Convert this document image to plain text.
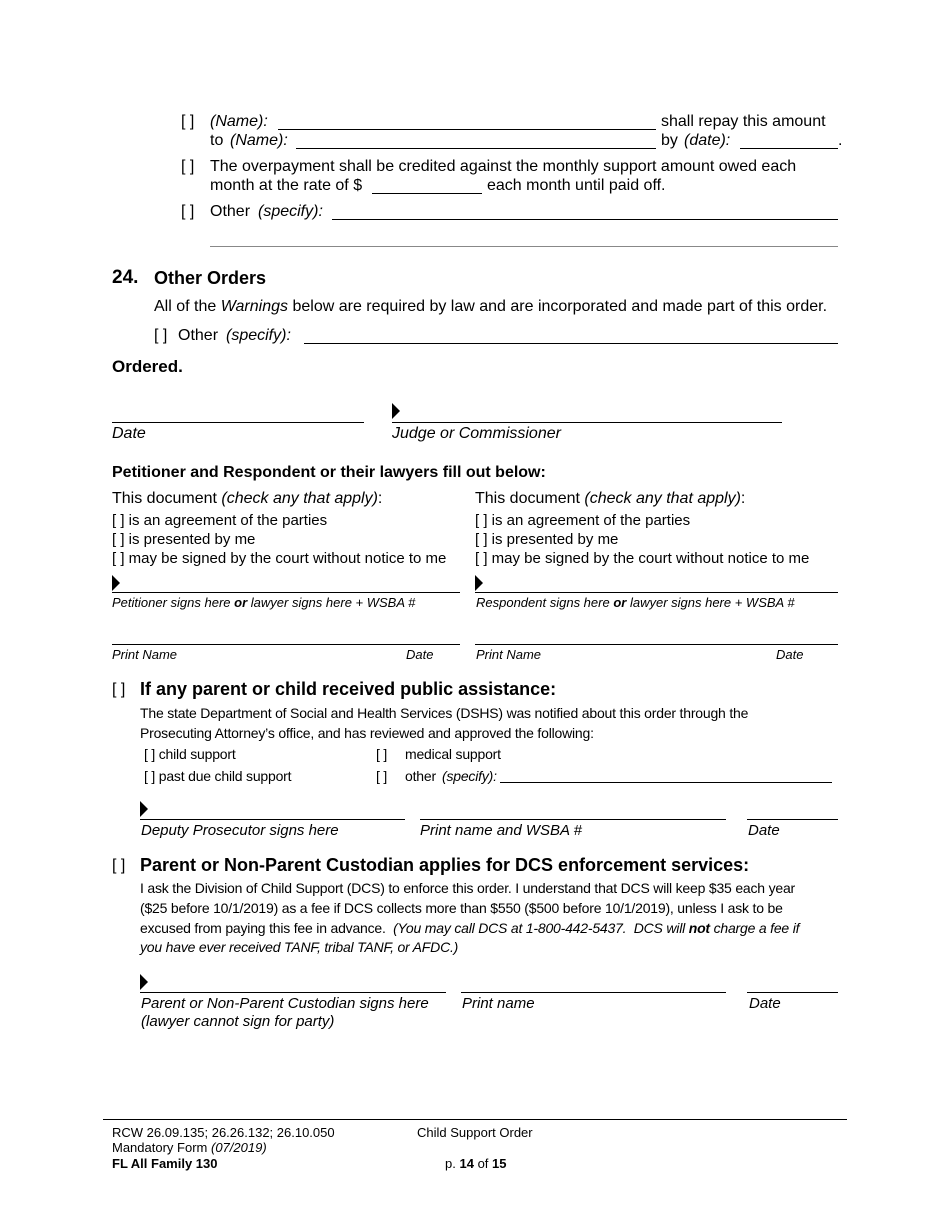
[ ] (Name):	shall repay this amount
to (Name):	by (date):	.
[ ] The overpayment shall be credited against the monthly support amount owed each
month at the rate of $	each month until paid off.
[ ] Other (specify):
24. Other Orders
All of the Warnings below are required by law and are incorporated and made part of this order.
[ ] Other (specify):
Ordered.
Date	Judge or Commissioner
Petitioner and Respondent or their lawyers fill out below:
This document (check any that apply):
[ ] is an agreement of the parties
[ ] is presented by me
[ ] may be signed by the court without notice to me
Petitioner signs here or lawyer signs here + WSBA #
Print Name	Date
This document (check any that apply):
[ ] is an agreement of the parties
[ ] is presented by me
[ ] may be signed by the court without notice to me
Respondent signs here or lawyer signs here + WSBA #
Print Name	Date
[ ] If any parent or child received public assistance:
The state Department of Social and Health Services (DSHS) was notified about this order through the
Prosecuting Attorney’s office, and has reviewed and approved the following:
[ ] child support	[ ] medical support
[ ] past due child support	[ ] other (specify):
Deputy Prosecutor signs here	Print name and WSBA #	Date
[ ] Parent or Non-Parent Custodian applies for DCS enforcement services:
I ask the Division of Child Support (DCS) to enforce this order. I understand that DCS will keep $35 each year
($25 before 10/1/2019) as a fee if DCS collects more than $550 ($500 before 10/1/2019), unless I ask to be
excused from paying this fee in advance.  (You may call DCS at 1-800-442-5437.  DCS will not charge a fee if
you have ever received TANF, tribal TANF, or AFDC.)
Parent or Non-Parent Custodian signs here
(lawyer cannot sign for party)
Print name	Date
RCW 26.09.135; 26.26.132; 26.10.050
Mandatory Form (07/2019)
FL All Family 130
Child Support Order
p. 14 of 15
